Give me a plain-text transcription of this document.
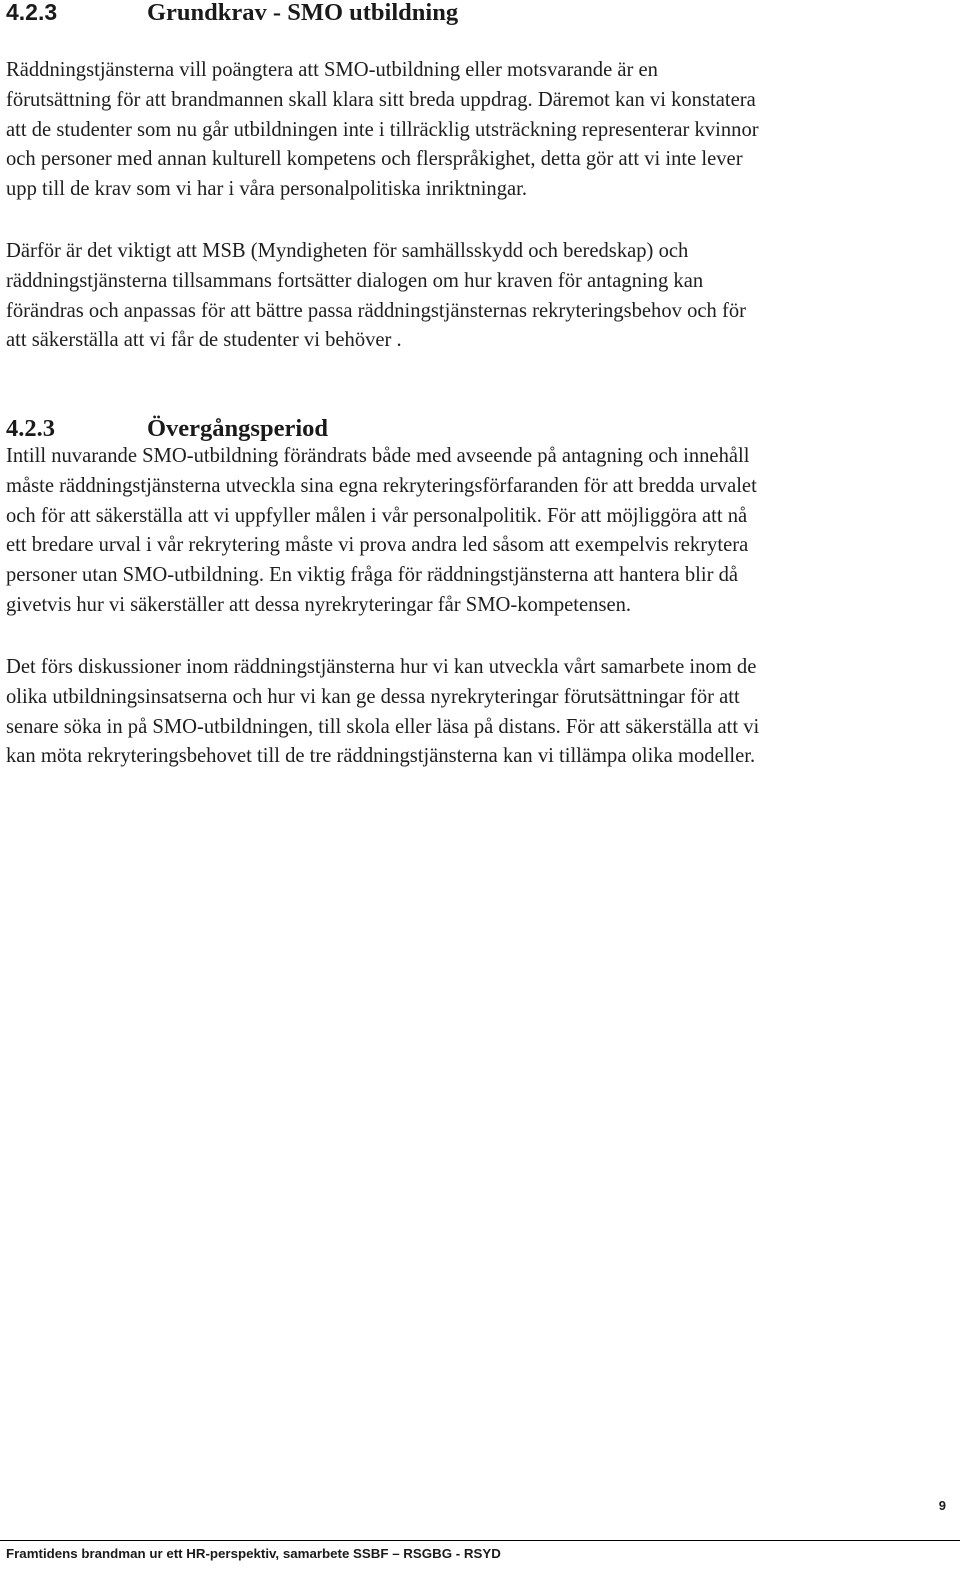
4.2.3	Grundkrav - SMO utbildning

Räddningstjänsterna vill poängtera att SMO-utbildning eller motsvarande är en
förutsättning för att brandmannen skall klara sitt breda uppdrag. Däremot kan vi konstatera
att de studenter som nu går utbildningen inte i tillräcklig utsträckning representerar kvinnor
och personer med annan kulturell kompetens och flerspråkighet, detta gör att vi inte lever
upp till de krav som vi har i våra personalpolitiska inriktningar.

Därför är det viktigt att MSB (Myndigheten för samhällsskydd och beredskap) och
räddningstjänsterna tillsammans fortsätter dialogen om hur kraven för antagning kan
förändras och anpassas för att bättre passa räddningstjänsternas rekryteringsbehov och för
att säkerställa att vi får de studenter vi behöver .

4.2.3	Övergångsperiod

Intill nuvarande SMO-utbildning förändrats både med avseende på antagning och innehåll
måste räddningstjänsterna utveckla sina egna rekryteringsförfaranden för att bredda urvalet
och för att säkerställa att vi uppfyller målen i vår personalpolitik. För att möjliggöra att nå
ett bredare urval i vår rekrytering måste vi prova andra led såsom att exempelvis rekrytera
personer utan SMO-utbildning. En viktig fråga för räddningstjänsterna att hantera blir då
givetvis hur vi säkerställer att dessa nyrekryteringar får SMO-kompetensen.

Det förs diskussioner inom räddningstjänsterna hur vi kan utveckla vårt samarbete inom de
olika utbildningsinsatserna och hur vi kan ge dessa nyrekryteringar förutsättningar för att
senare söka in på SMO-utbildningen, till skola eller läsa på distans. För att säkerställa att vi
kan möta rekryteringsbehovet till de tre räddningstjänsterna kan vi tillämpa olika modeller.

9
Framtidens brandman ur ett HR-perspektiv, samarbete SSBF – RSGBG - RSYD
